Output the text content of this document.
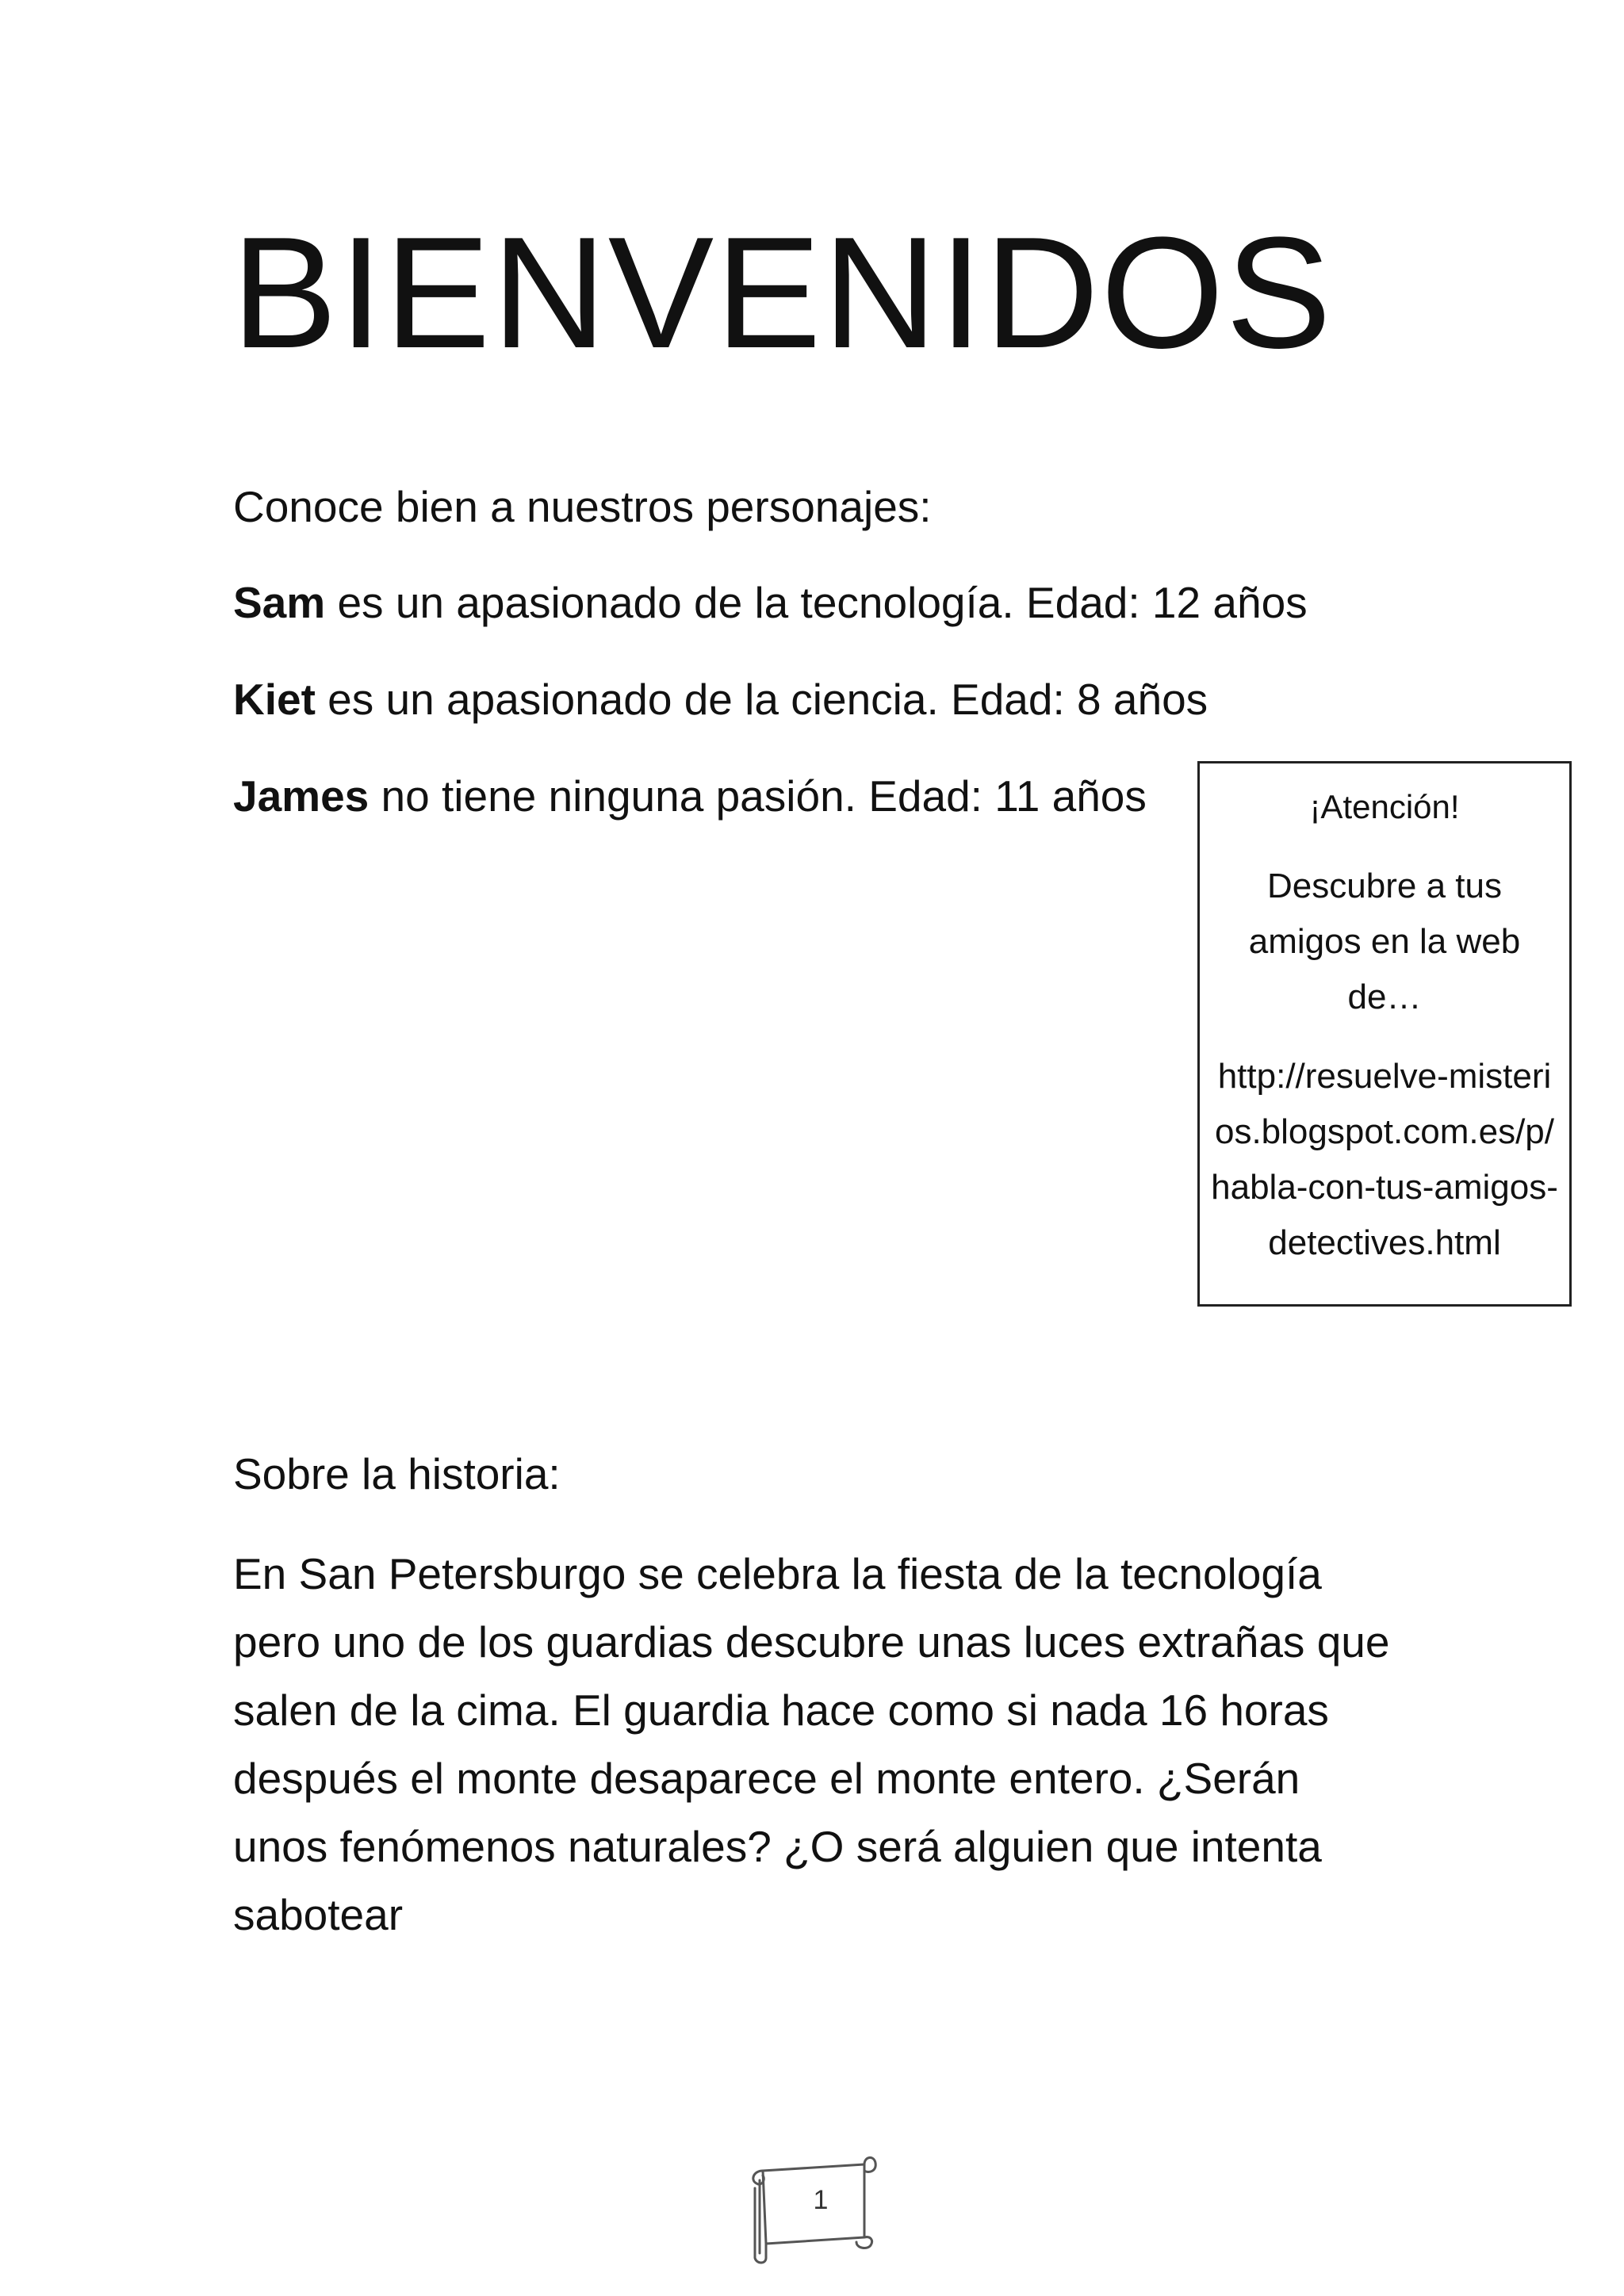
BIENVENIDOS
Conoce bien a nuestros personajes:
Sam es un apasionado de la tecnología. Edad: 12 años
Kiet es un apasionado de la ciencia. Edad: 8 años
James no tiene ninguna pasión. Edad: 11 años	¡Atención!

Descubre a tus amigos en la web de…

http://resuelve-misterios.blogspot.com.es/p/habla-con-tus-amigos-detectives.html

Sobre la historia:

En San Petersburgo se celebra la fiesta de la tecnología pero uno de los guardias descubre unas luces extrañas que salen de la cima. El guardia hace como si nada 16 horas después el monte desaparece el monte entero. ¿Serán unos fenómenos naturales? ¿O será alguien que intenta sabotear

1
